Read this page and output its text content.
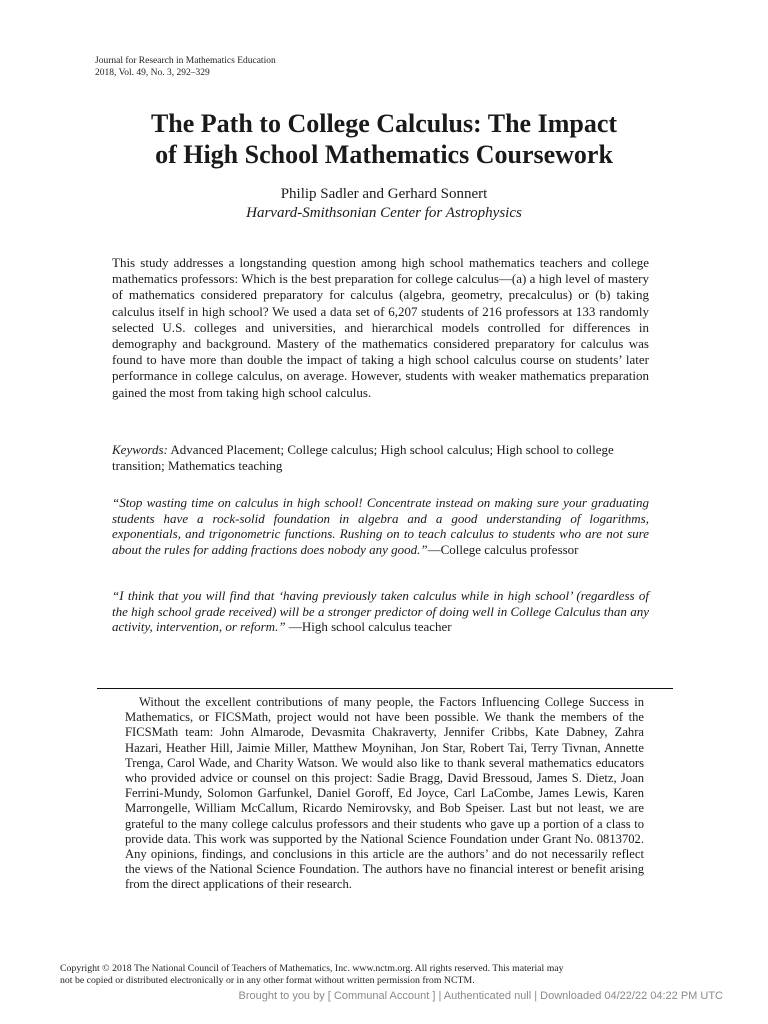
Journal for Research in Mathematics Education
2018, Vol. 49, No. 3, 292–329
The Path to College Calculus: The Impact
of High School Mathematics Coursework
Philip Sadler and Gerhard Sonnert
Harvard-Smithsonian Center for Astrophysics

This study addresses a longstanding question among high school mathematics teachers and college mathematics professors: Which is the best preparation for college calculus—(a) a high level of mastery of mathematics considered preparatory for calculus (algebra, geometry, precalculus) or (b) taking calculus itself in high school? We used a data set of 6,207 students of 216 professors at 133 randomly selected U.S. colleges and universities, and hierarchical models controlled for differences in demography and background. Mastery of the mathematics considered preparatory for calculus was found to have more than double the impact of taking a high school calculus course on students’ later performance in college calculus, on average. However, students with weaker mathematics preparation gained the most from taking high school calculus.

Keywords: Advanced Placement; College calculus; High school calculus; High school to college transition; Mathematics teaching

“Stop wasting time on calculus in high school! Concentrate instead on making sure your graduating students have a rock-solid foundation in algebra and a good understanding of logarithms, exponentials, and trigonometric functions. Rushing on to teach calculus to students who are not sure about the rules for adding fractions does nobody any good.”—College calculus professor

“I think that you will find that ‘having previously taken calculus while in high school’ (regardless of the high school grade received) will be a stronger predictor of doing well in College Calculus than any activity, intervention, or reform.” —High school calculus teacher

Without the excellent contributions of many people, the Factors Influencing College Success in Mathematics, or FICSMath, project would not have been possible. We thank the members of the FICSMath team: John Almarode, Devasmita Chakraverty, Jennifer Cribbs, Kate Dabney, Zahra Hazari, Heather Hill, Jaimie Miller, Matthew Moynihan, Jon Star, Robert Tai, Terry Tivnan, Annette Trenga, Carol Wade, and Charity Watson. We would also like to thank several mathematics educators who provided advice or counsel on this project: Sadie Bragg, David Bressoud, James S. Dietz, Joan Ferrini-Mundy, Solomon Garfunkel, Daniel Goroff, Ed Joyce, Carl LaCombe, James Lewis, Karen Marrongelle, William McCallum, Ricardo Nemirovsky, and Bob Speiser. Last but not least, we are grateful to the many college calculus professors and their students who gave up a portion of a class to provide data. This work was supported by the National Science Foundation under Grant No. 0813702. Any opinions, findings, and conclusions in this article are the authors’ and do not necessarily reflect the views of the National Science Foundation. The authors have no financial interest or benefit arising from the direct applications of their research.

Copyright © 2018 The National Council of Teachers of Mathematics, Inc. www.nctm.org. All rights reserved. This material may
not be copied or distributed electronically or in any other format without written permission from NCTM.
Brought to you by [ Communal Account ] | Authenticated null | Downloaded 04/22/22 04:22 PM UTC
